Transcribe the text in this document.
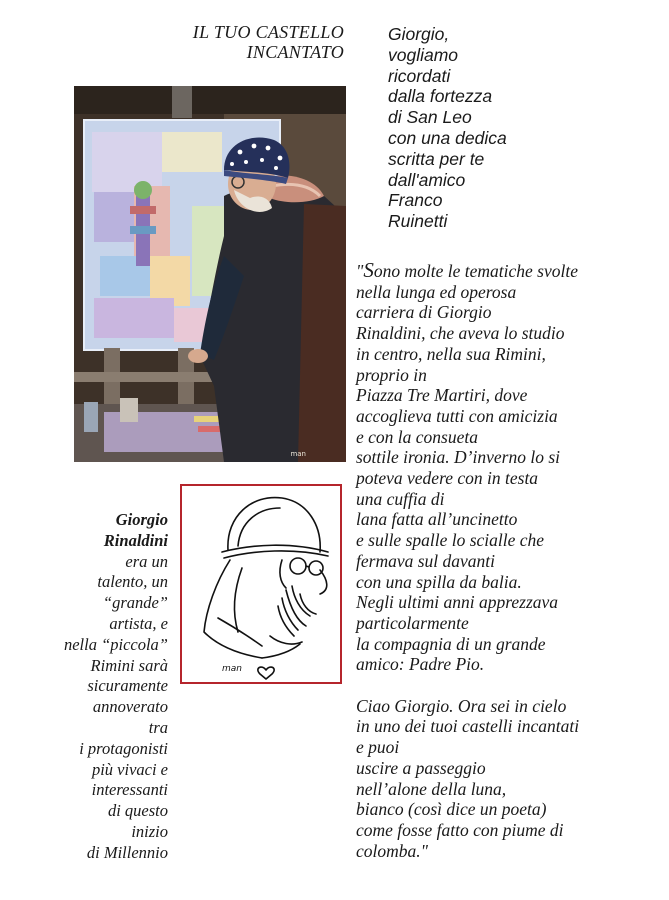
IL TUO CASTELLO
INCANTATO
Giorgio,
vogliamo
ricordati
dalla fortezza
di San Leo
con una dedica
scritta per te
dall'amico
Franco
Ruinetti
man
man
Giorgio
Rinaldini
era un
talento, un
“grande”
artista, e
nella “piccola”
Rimini sarà
sicuramente
annoverato
tra
i protagonisti
più vivaci e
interessanti
di questo
inizio
di Millennio
"Sono molte le tematiche svolte
nella lunga ed operosa
carriera di Giorgio
Rinaldini, che aveva lo studio
in centro, nella sua Rimini,
proprio in
Piazza Tre Martiri, dove
accoglieva tutti con amicizia
e con la consueta
sottile ironia. D’inverno lo si
poteva vedere con in testa
una cuffia di
lana fatta all’uncinetto
e sulle spalle lo scialle che
fermava sul davanti
con una spilla da balia.
Negli ultimi anni apprezzava
particolarmente
la compagnia di un grande
amico: Padre Pio.
Ciao Giorgio. Ora sei in cielo
in uno dei tuoi castelli incantati
e puoi
uscire a passeggio
nell’alone della luna,
bianco (così dice un poeta)
come fosse fatto con piume di
colomba."
